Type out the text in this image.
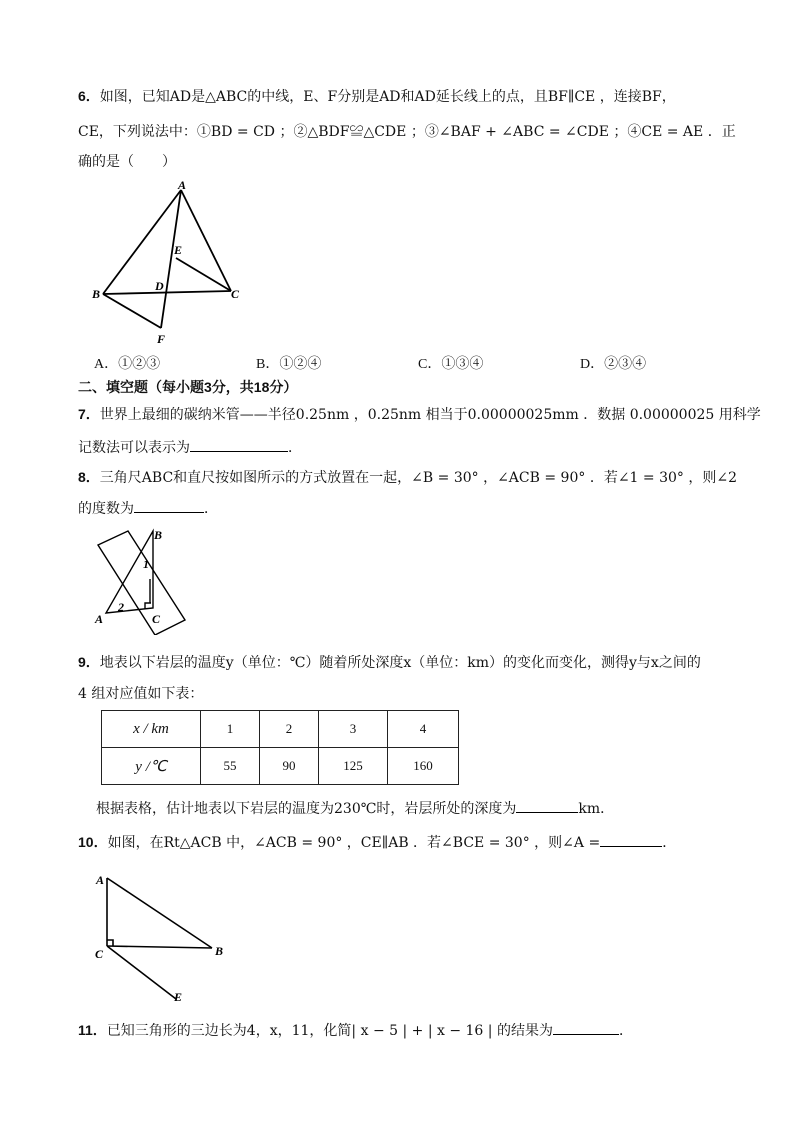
6．如图，已知AD是△ABC的中线，E、F分别是AD和AD延长线上的点，且BF∥CE ，连接BF，
CE，下列说法中：①BD = CD ；②△BDF≌△CDE ；③∠BAF + ∠ABC = ∠CDE ；④CE = AE ．正
确的是（　　）
A
B	C
D
E
F
A．①②③	B．①②④	C．①③④	D．②③④
二、填空题（每小题3分，共18分）
7．世界上最细的碳纳米管——半径0.25nm ，0.25nm 相当于0.00000025mm ．数据 0.00000025 用科学
记数法可以表示为	．
8．三角尺ABC和直尺按如图所示的方式放置在一起，∠B = 30° ，∠ACB = 90° ．若∠1 = 30° ，则∠2
的度数为	．
B
A	C
1
2
9．地表以下岩层的温度y（单位：℃）随着所处深度x（单位：km）的变化而变化，测得y与x之间的
4 组对应值如下表：
x / km	1	2	3	4
y /℃	55	90	125	160
根据表格，估计地表以下岩层的温度为230℃时，岩层所处的深度为	km．
10．如图，在Rt△ACB 中，∠ACB = 90° ，CE∥AB ．若∠BCE = 30° ，则∠A =	．
A
C	B
E
11．已知三角形的三边长为4，x，11，化简| x − 5 | + | x − 16 | 的结果为	．
